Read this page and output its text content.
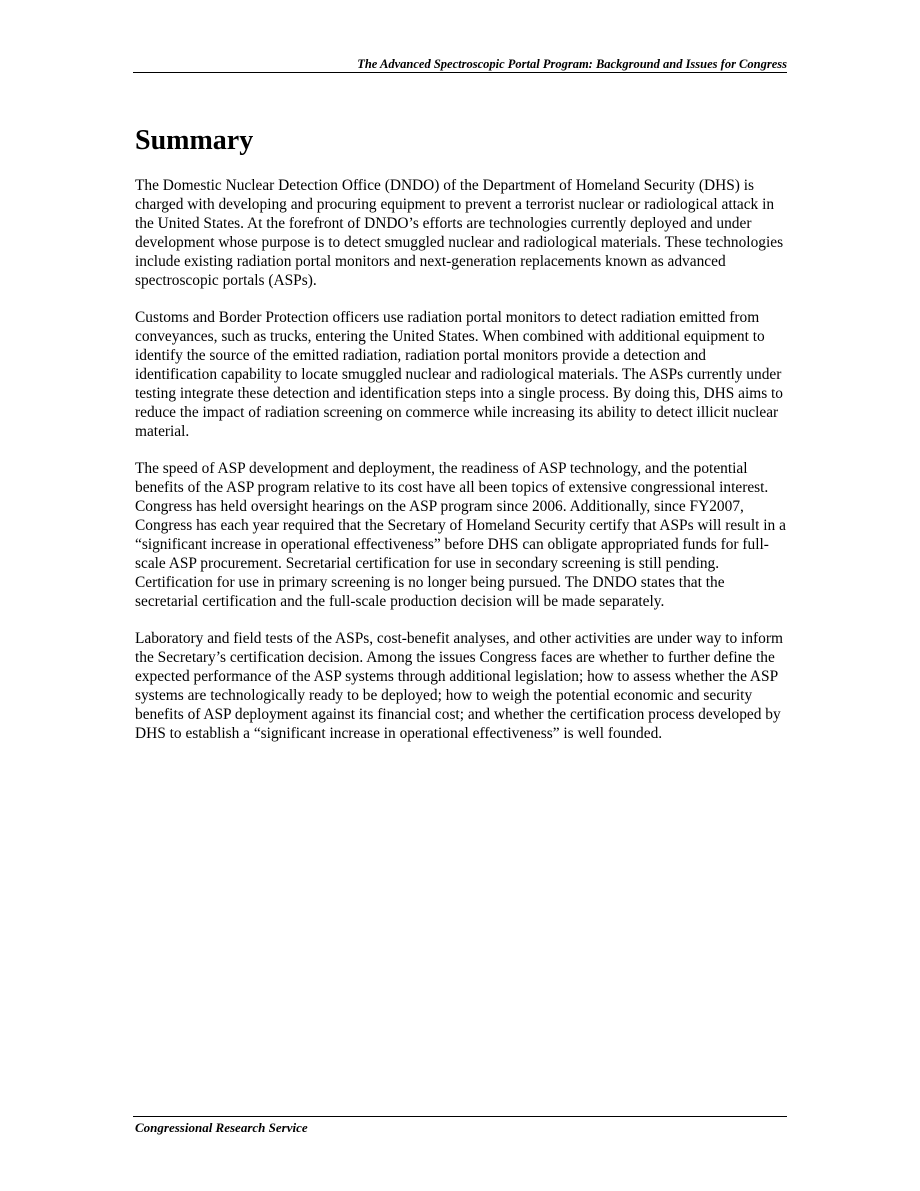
The Advanced Spectroscopic Portal Program: Background and Issues for Congress
Summary

The Domestic Nuclear Detection Office (DNDO) of the Department of Homeland Security (DHS) is charged with developing and procuring equipment to prevent a terrorist nuclear or radiological attack in the United States. At the forefront of DNDO’s efforts are technologies currently deployed and under development whose purpose is to detect smuggled nuclear and radiological materials. These technologies include existing radiation portal monitors and next-generation replacements known as advanced spectroscopic portals (ASPs).

Customs and Border Protection officers use radiation portal monitors to detect radiation emitted from conveyances, such as trucks, entering the United States. When combined with additional equipment to identify the source of the emitted radiation, radiation portal monitors provide a detection and identification capability to locate smuggled nuclear and radiological materials. The ASPs currently under testing integrate these detection and identification steps into a single process. By doing this, DHS aims to reduce the impact of radiation screening on commerce while increasing its ability to detect illicit nuclear material.

The speed of ASP development and deployment, the readiness of ASP technology, and the potential benefits of the ASP program relative to its cost have all been topics of extensive congressional interest. Congress has held oversight hearings on the ASP program since 2006. Additionally, since FY2007, Congress has each year required that the Secretary of Homeland Security certify that ASPs will result in a “significant increase in operational effectiveness” before DHS can obligate appropriated funds for full-scale ASP procurement. Secretarial certification for use in secondary screening is still pending. Certification for use in primary screening is no longer being pursued. The DNDO states that the secretarial certification and the full-scale production decision will be made separately.

Laboratory and field tests of the ASPs, cost-benefit analyses, and other activities are under way to inform the Secretary’s certification decision. Among the issues Congress faces are whether to further define the expected performance of the ASP systems through additional legislation; how to assess whether the ASP systems are technologically ready to be deployed; how to weigh the potential economic and security benefits of ASP deployment against its financial cost; and whether the certification process developed by DHS to establish a “significant increase in operational effectiveness” is well founded.

Congressional Research Service
